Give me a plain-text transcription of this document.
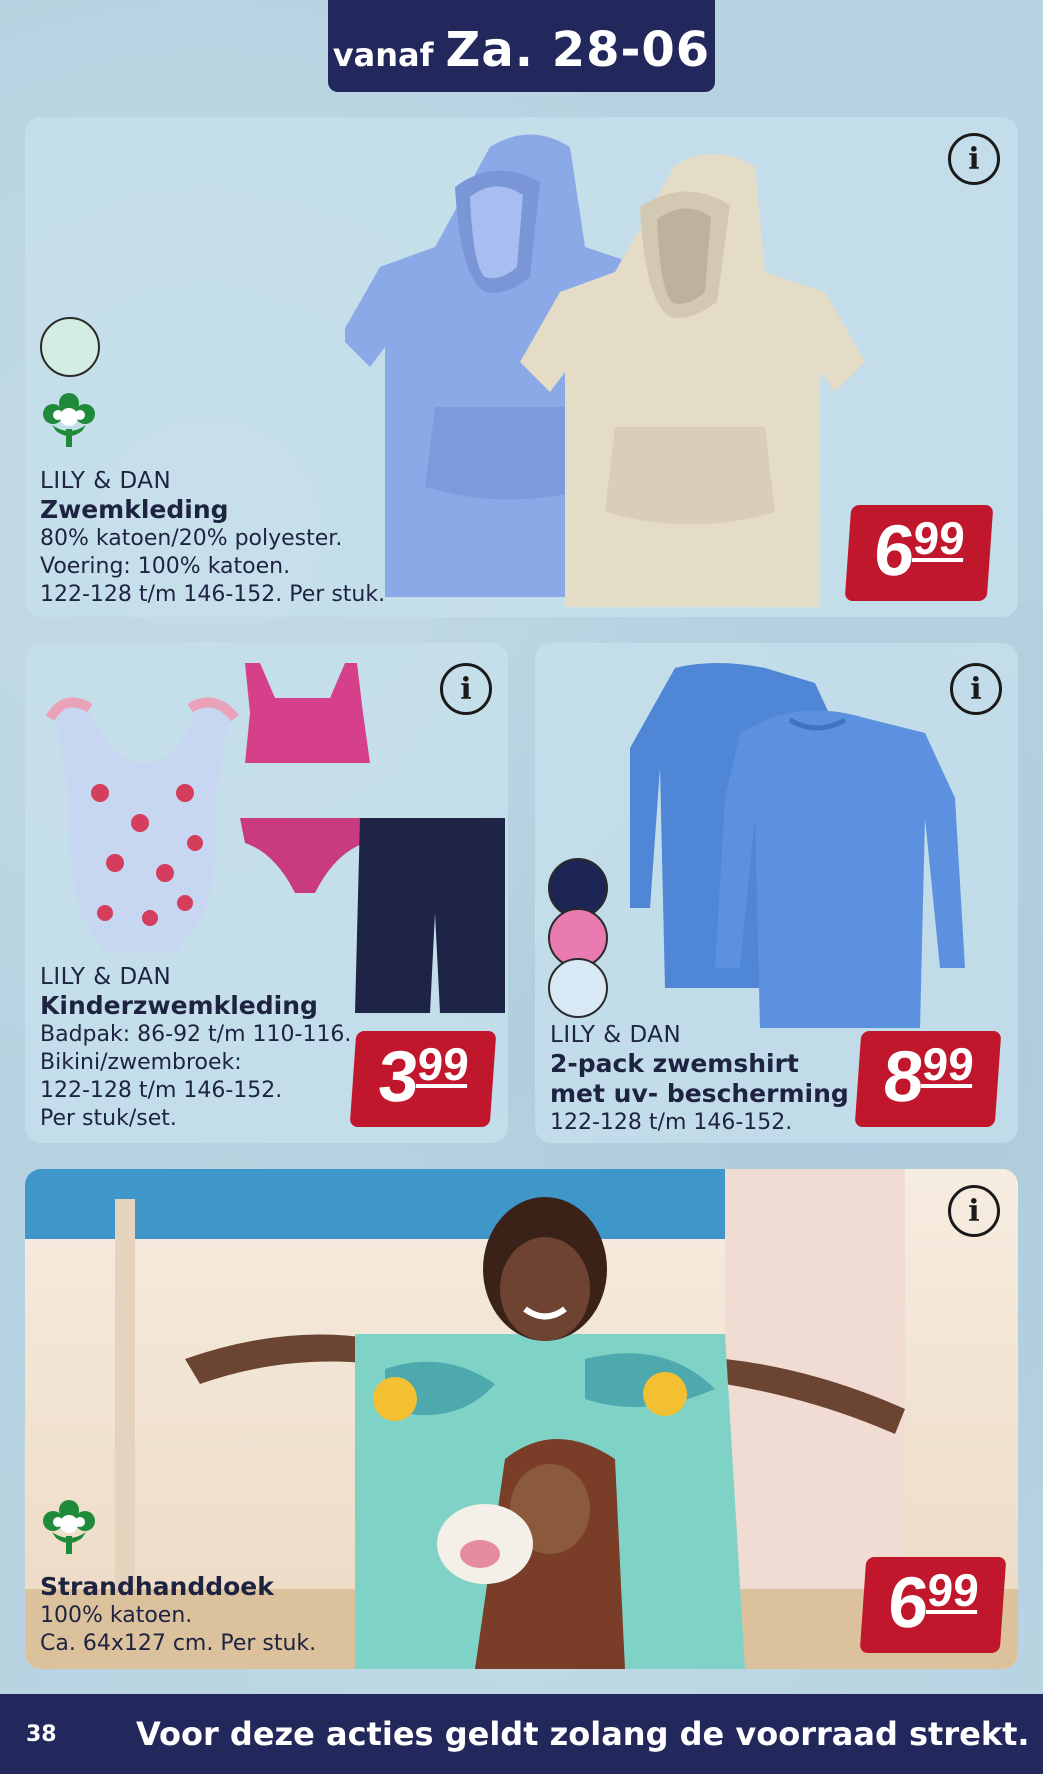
vanaf Za. 28-06
i
LILY & DAN
Zwemkleding
80% katoen/20% polyester.
Voering: 100% katoen.
122-128 t/m 146-152. Per stuk.
6
99
i
LILY & DAN
Kinderzwemkleding
Badpak: 86-92 t/m 110-116.
Bikini/zwembroek:
122-128 t/m 146-152.
Per stuk/set.
3
99
i
LILY & DAN
2-pack zwemshirt
met uv- bescherming
122-128 t/m 146-152.
8
99
i
Strandhanddoek
100% katoen.
Ca. 64x127 cm. Per stuk.
6
99
38	Voor deze acties geldt zolang de voorraad strekt.
